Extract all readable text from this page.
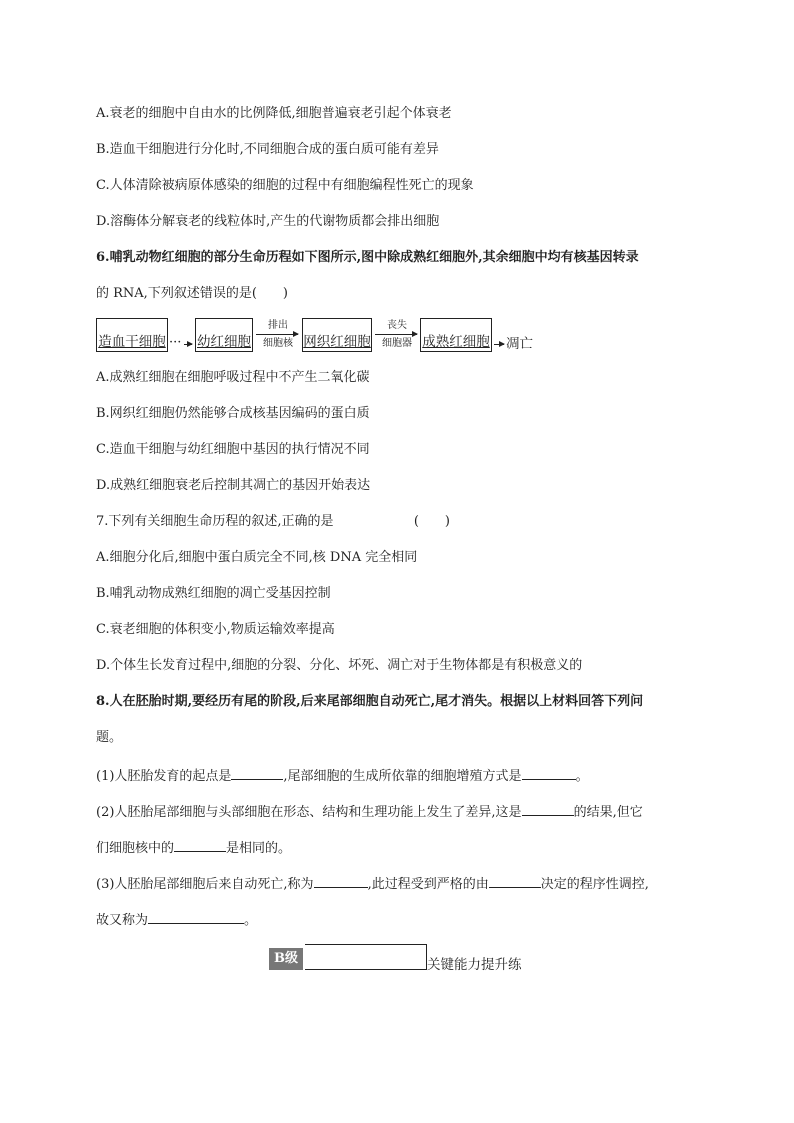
A.衰老的细胞中自由水的比例降低,细胞普遍衰老引起个体衰老
B.造血干细胞进行分化时,不同细胞合成的蛋白质可能有差异
C.人体清除被病原体感染的细胞的过程中有细胞编程性死亡的现象
D.溶酶体分解衰老的线粒体时,产生的代谢物质都会排出细胞
6.哺乳动物红细胞的部分生命历程如下图所示,图中除成熟红细胞外,其余细胞中均有核基因转录
的 RNA,下列叙述错误的是(　　)
造血干细胞 ··· 幼红细胞
排出
细胞核 网织红细胞
丧失
细胞器 成熟红细胞 凋亡
A.成熟红细胞在细胞呼吸过程中不产生二氧化碳
B.网织红细胞仍然能够合成核基因编码的蛋白质
C.造血干细胞与幼红细胞中基因的执行情况不同
D.成熟红细胞衰老后控制其凋亡的基因开始表达
7.下列有关细胞生命历程的叙述,正确的是	(　　)
A.细胞分化后,细胞中蛋白质完全不同,核 DNA 完全相同
B.哺乳动物成熟红细胞的凋亡受基因控制
C.衰老细胞的体积变小,物质运输效率提高
D.个体生长发育过程中,细胞的分裂、分化、坏死、凋亡对于生物体都是有积极意义的
8.人在胚胎时期,要经历有尾的阶段,后来尾部细胞自动死亡,尾才消失。根据以上材料回答下列问
题。
(1)人胚胎发育的起点是	,尾部细胞的生成所依靠的细胞增殖方式是	。
(2)人胚胎尾部细胞与头部细胞在形态、结构和生理功能上发生了差异,这是	的结果,但它
们细胞核中的	是相同的。
(3)人胚胎尾部细胞后来自动死亡,称为	,此过程受到严格的由	决定的程序性调控,
故又称为	。
B级	关键能力提升练
